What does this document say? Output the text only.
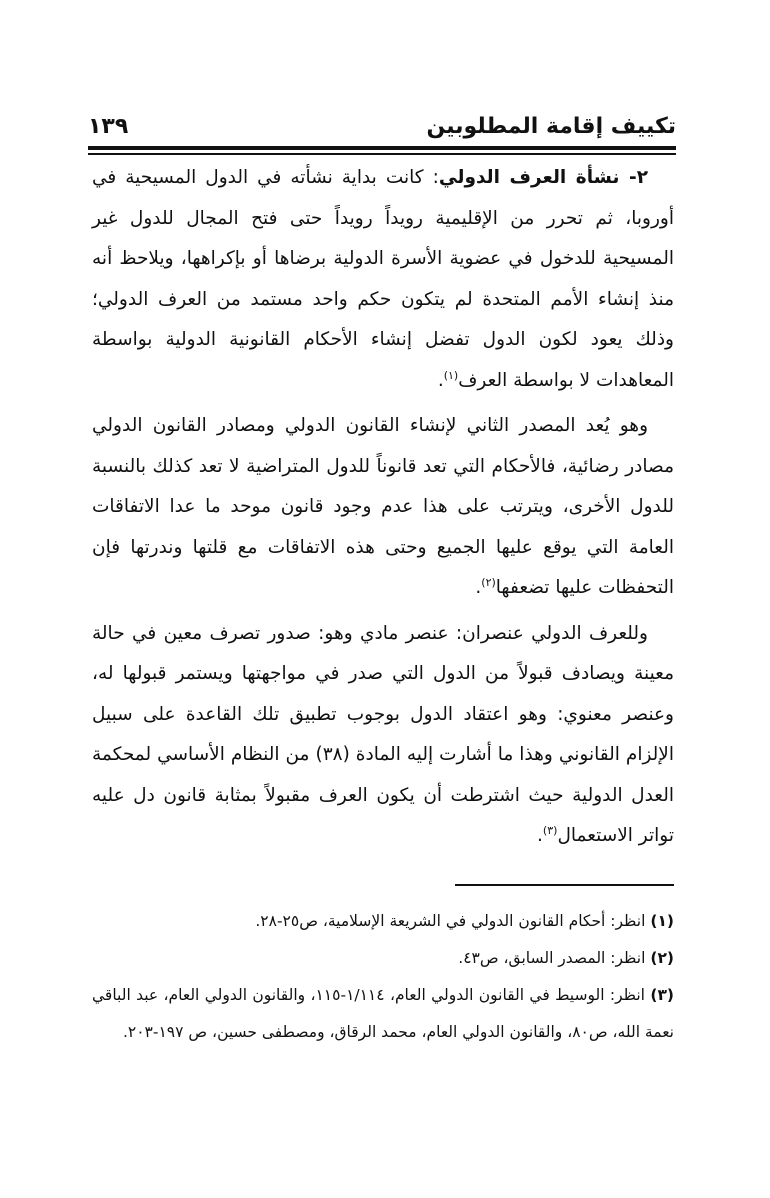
تكييف إقامة المطلوبين
١٣٩

٢- نشأة العرف الدولي: كانت بداية نشأته في الدول المسيحية في أوروبا، ثم تحرر من الإقليمية رويداً رويداً حتى فتح المجال للدول غير المسيحية للدخول في عضوية الأسرة الدولية برضاها أو بإكراهها، ويلاحظ أنه منذ إنشاء الأمم المتحدة لم يتكون حكم واحد مستمد من العرف الدولي؛ وذلك يعود لكون الدول تفضل إنشاء الأحكام القانونية الدولية بواسطة المعاهدات لا بواسطة العرف$^{(١)}$.

وهو يُعد المصدر الثاني لإنشاء القانون الدولي ومصادر القانون الدولي مصادر رضائية، فالأحكام التي تعد قانوناً للدول المتراضية لا تعد كذلك بالنسبة للدول الأخرى، ويترتب على هذا عدم وجود قانون موحد ما عدا الاتفاقات العامة التي يوقع عليها الجميع وحتى هذه الاتفاقات مع قلتها وندرتها فإن التحفظات عليها تضعفها$^{(٢)}$.

وللعرف الدولي عنصران: عنصر مادي وهو: صدور تصرف معين في حالة معينة ويصادف قبولاً من الدول التي صدر في مواجهتها ويستمر قبولها له، وعنصر معنوي: وهو اعتقاد الدول بوجوب تطبيق تلك القاعدة على سبيل الإلزام القانوني وهذا ما أشارت إليه المادة (٣٨) من النظام الأساسي لمحكمة العدل الدولية حيث اشترطت أن يكون العرف مقبولاً بمثابة قانون دل عليه تواتر الاستعمال$^{(٣)}$.

(١) انظر: أحكام القانون الدولي في الشريعة الإسلامية، ص٢٥-٢٨.
(٢) انظر: المصدر السابق، ص٤٣.
(٣) انظر: الوسيط في القانون الدولي العام، ١/١١٤-١١٥، والقانون الدولي العام، عبد الباقي نعمة الله، ص٨٠، والقانون الدولي العام، محمد الرقاق، ومصطفى حسين، ص ١٩٧-٢٠٣.
